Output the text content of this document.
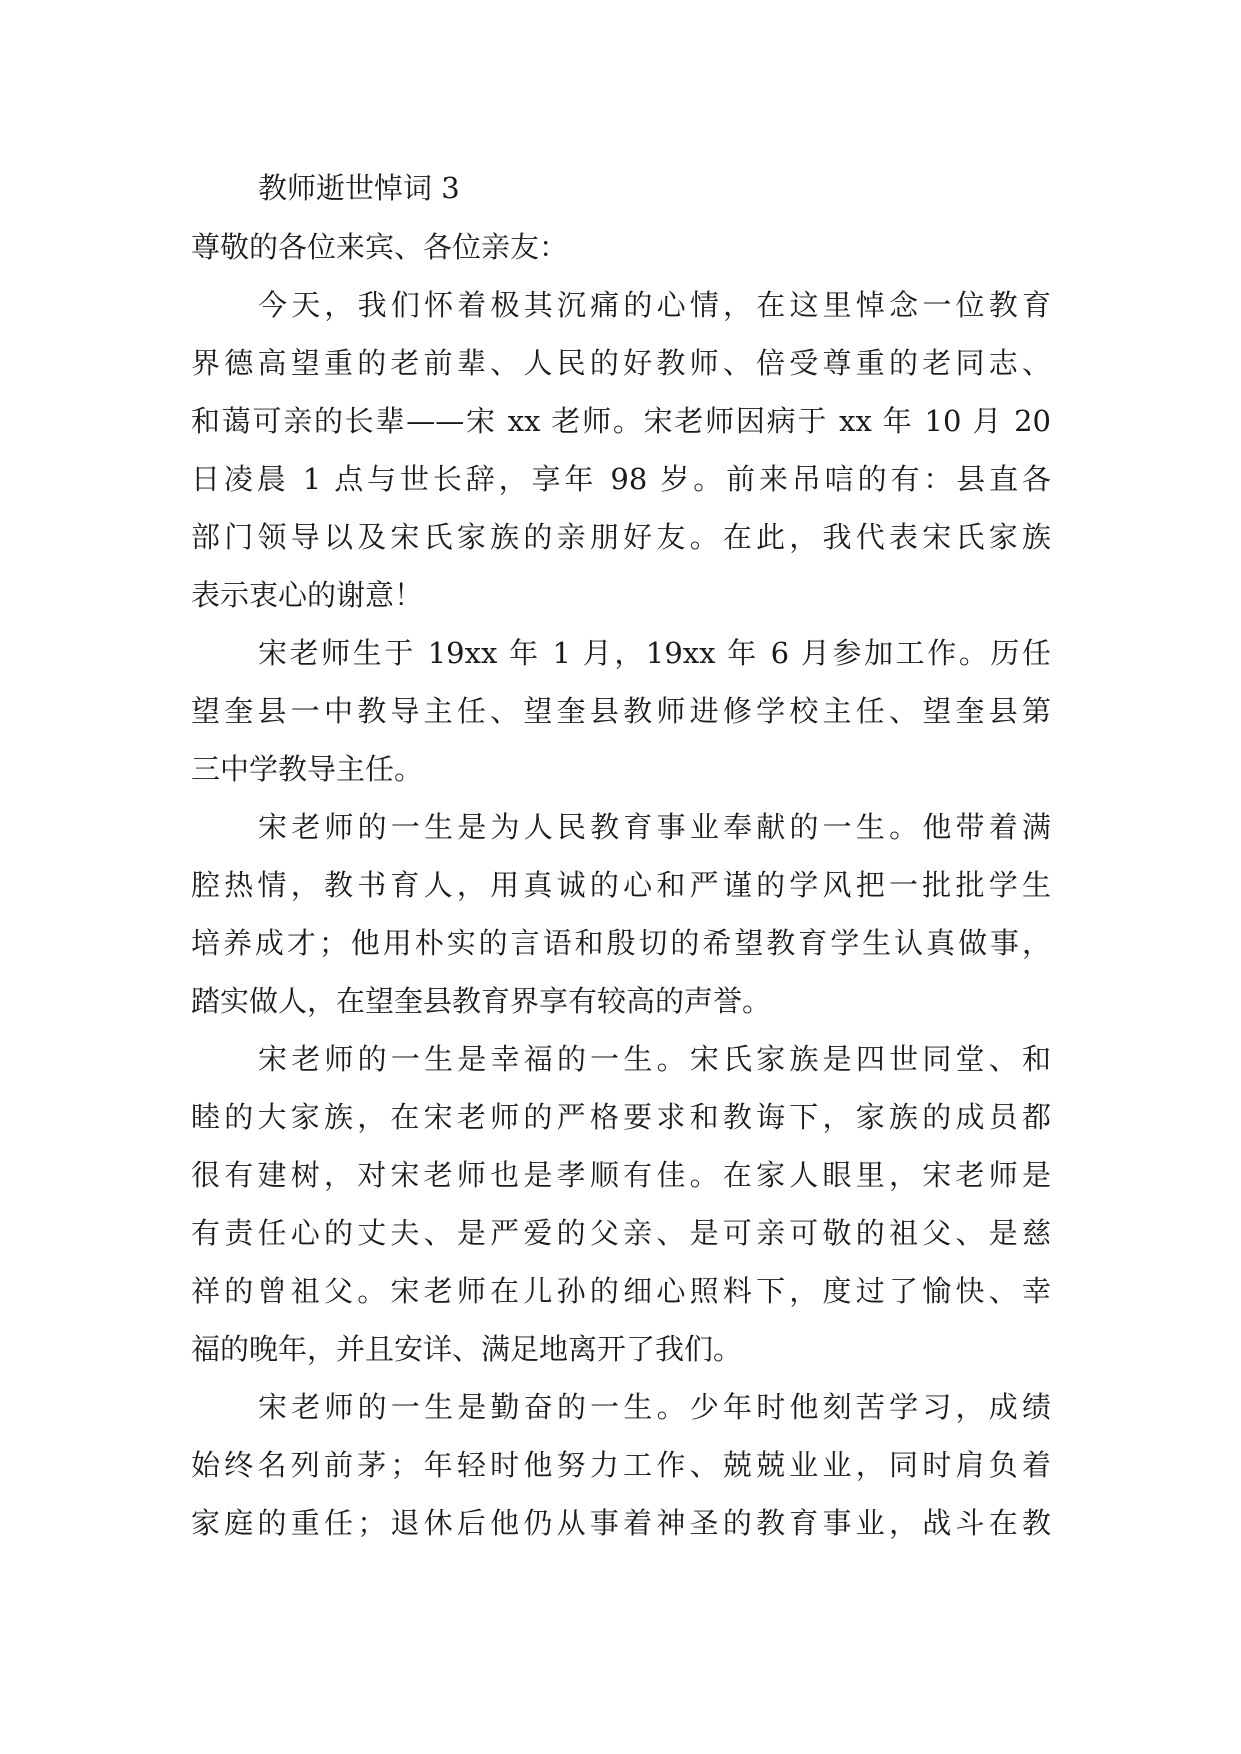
教师逝世悼词 3
尊敬的各位来宾、各位亲友：
今天，我们怀着极其沉痛的心情，在这里悼念一位教育
界德高望重的老前辈、人民的好教师、倍受尊重的老同志、
和蔼可亲的长辈——宋 xx 老师。宋老师因病于 xx 年 10 月 20
日凌晨 1 点与世长辞，享年 98 岁。前来吊唁的有：县直各
部门领导以及宋氏家族的亲朋好友。在此，我代表宋氏家族
表示衷心的谢意！
宋老师生于 19xx 年 1 月，19xx 年 6 月参加工作。历任
望奎县一中教导主任、望奎县教师进修学校主任、望奎县第
三中学教导主任。
宋老师的一生是为人民教育事业奉献的一生。他带着满
腔热情，教书育人，用真诚的心和严谨的学风把一批批学生
培养成才；他用朴实的言语和殷切的希望教育学生认真做事，
踏实做人，在望奎县教育界享有较高的声誉。
宋老师的一生是幸福的一生。宋氏家族是四世同堂、和
睦的大家族，在宋老师的严格要求和教诲下，家族的成员都
很有建树，对宋老师也是孝顺有佳。在家人眼里，宋老师是
有责任心的丈夫、是严爱的父亲、是可亲可敬的祖父、是慈
祥的曾祖父。宋老师在儿孙的细心照料下，度过了愉快、幸
福的晚年，并且安详、满足地离开了我们。
宋老师的一生是勤奋的一生。少年时他刻苦学习，成绩
始终名列前茅；年轻时他努力工作、兢兢业业，同时肩负着
家庭的重任；退休后他仍从事着神圣的教育事业，战斗在教
